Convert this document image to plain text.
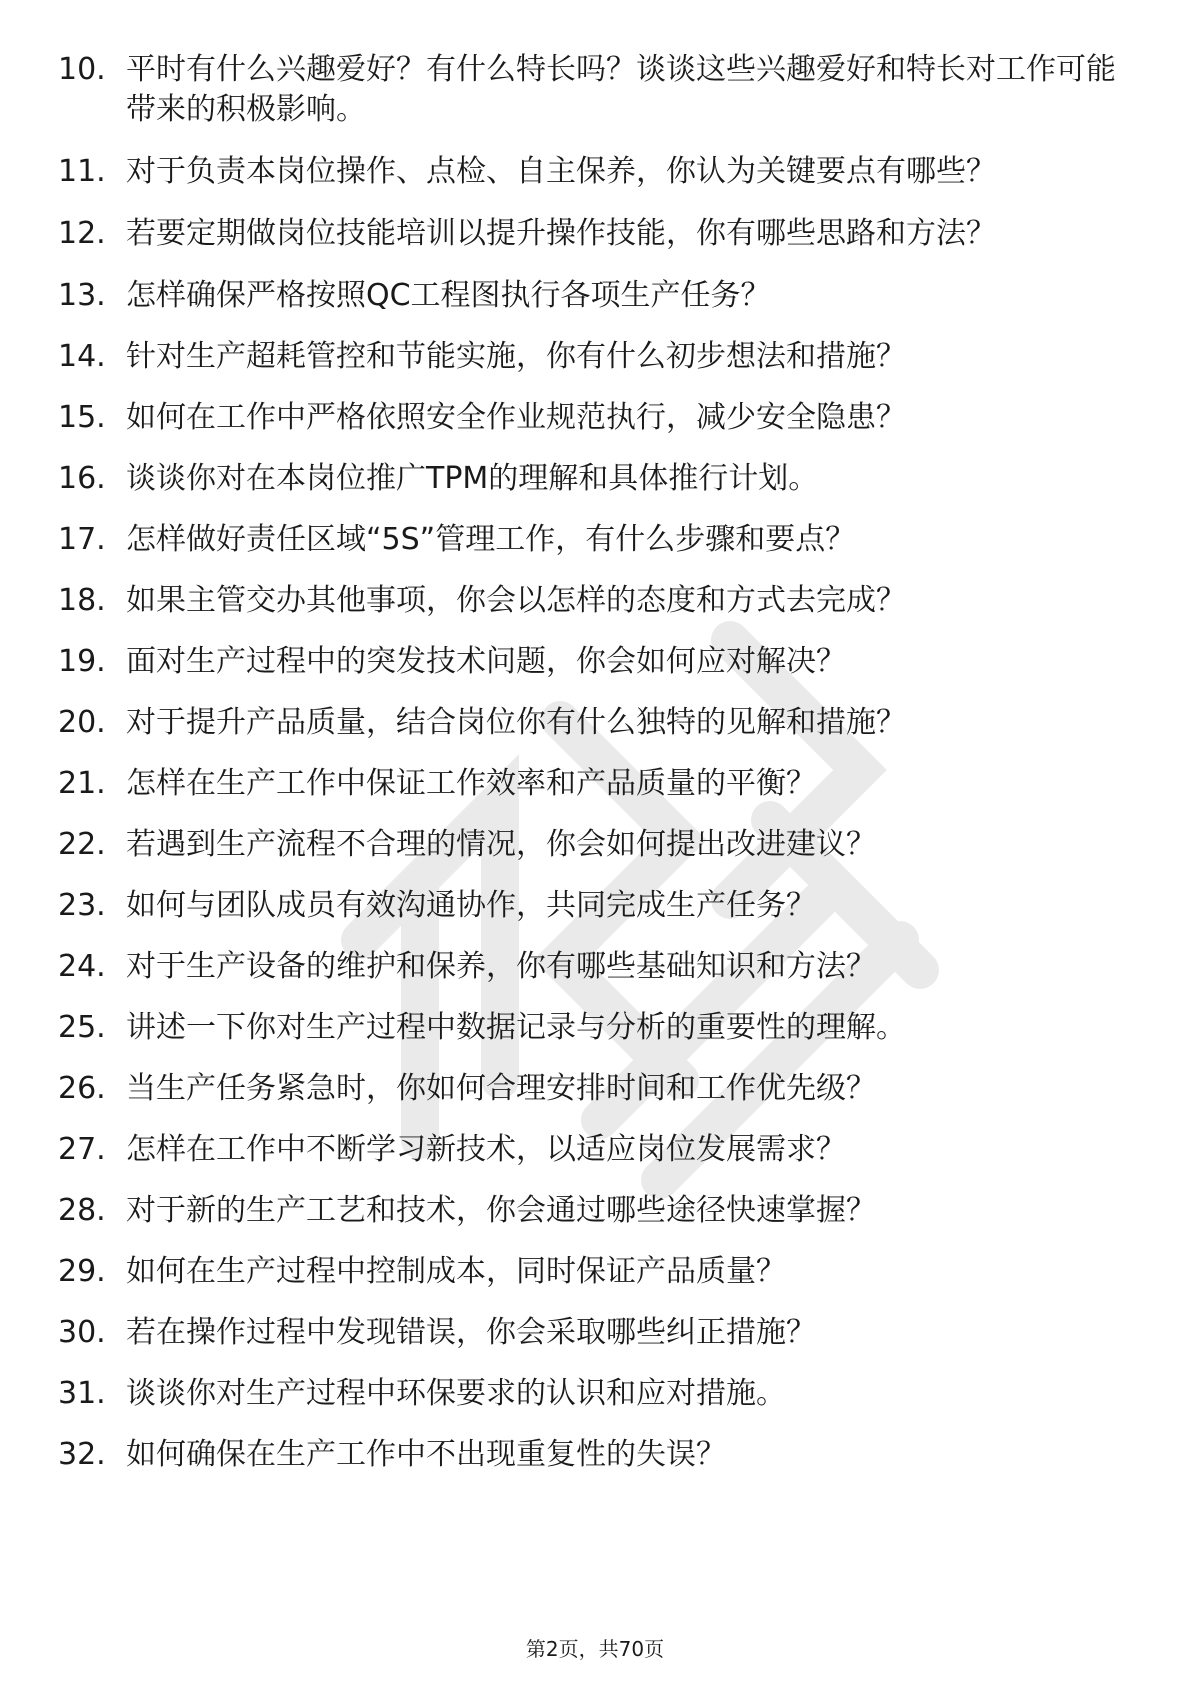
10. 平时有什么兴趣爱好？有什么特长吗？谈谈这些兴趣爱好和特长对工作可能带来的积极影响。
11. 对于负责本岗位操作、点检、自主保养，你认为关键要点有哪些？
12. 若要定期做岗位技能培训以提升操作技能，你有哪些思路和方法？
13. 怎样确保严格按照QC工程图执行各项生产任务？
14. 针对生产超耗管控和节能实施，你有什么初步想法和措施？
15. 如何在工作中严格依照安全作业规范执行，减少安全隐患？
16. 谈谈你对在本岗位推广TPM的理解和具体推行计划。
17. 怎样做好责任区域“5S”管理工作，有什么步骤和要点？
18. 如果主管交办其他事项，你会以怎样的态度和方式去完成？
19. 面对生产过程中的突发技术问题，你会如何应对解决？
20. 对于提升产品质量，结合岗位你有什么独特的见解和措施？
21. 怎样在生产工作中保证工作效率和产品质量的平衡？
22. 若遇到生产流程不合理的情况，你会如何提出改进建议？
23. 如何与团队成员有效沟通协作，共同完成生产任务？
24. 对于生产设备的维护和保养，你有哪些基础知识和方法？
25. 讲述一下你对生产过程中数据记录与分析的重要性的理解。
26. 当生产任务紧急时，你如何合理安排时间和工作优先级？
27. 怎样在工作中不断学习新技术，以适应岗位发展需求？
28. 对于新的生产工艺和技术，你会通过哪些途径快速掌握？
29. 如何在生产过程中控制成本，同时保证产品质量？
30. 若在操作过程中发现错误，你会采取哪些纠正措施？
31. 谈谈你对生产过程中环保要求的认识和应对措施。
32. 如何确保在生产工作中不出现重复性的失误？
第2页，共70页
